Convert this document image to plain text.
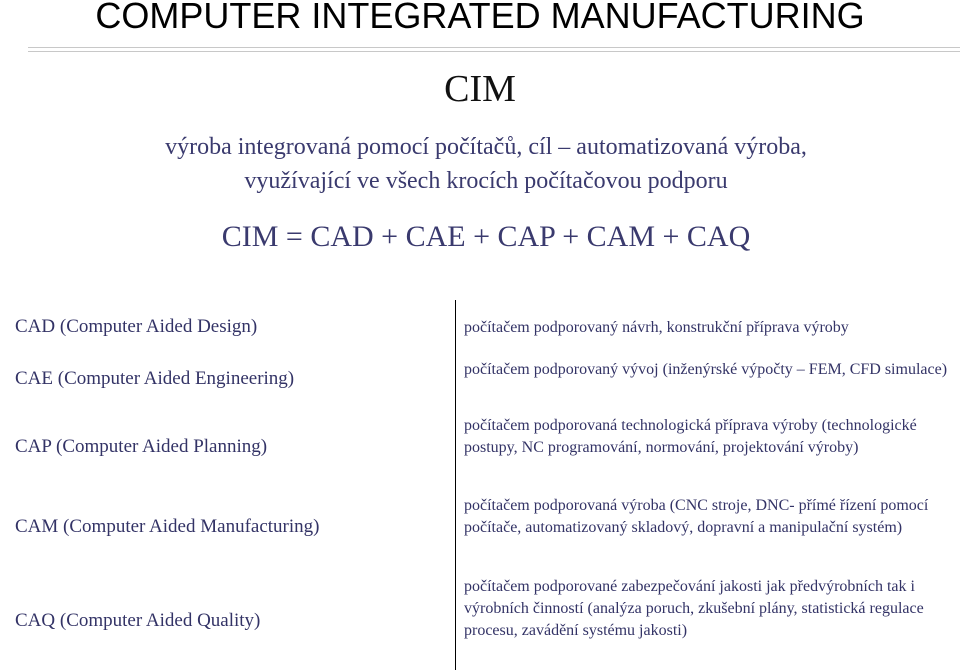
COMPUTER INTEGRATED MANUFACTURING
CIM
výroba integrovaná pomocí počítačů, cíl – automatizovaná výroba,
využívající ve všech krocích počítačovou podporu
CIM = CAD + CAE + CAP + CAM + CAQ
CAD (Computer Aided Design)
CAE (Computer Aided Engineering)
CAP (Computer Aided Planning)
CAM (Computer Aided Manufacturing)
CAQ (Computer Aided Quality)
počítačem podporovaný návrh, konstrukční příprava výroby
počítačem podporovaný vývoj (inženýrské výpočty – FEM, CFD simulace)
počítačem podporovaná technologická příprava výroby (technologické postupy, NC programování, normování, projektování výroby)
počítačem podporovaná výroba (CNC stroje, DNC- přímé řízení pomocí počítače, automatizovaný skladový, dopravní a manipulační systém)
počítačem podporované zabezpečování jakosti jak předvýrobních tak i výrobních činností (analýza poruch, zkušební plány, statistická regulace procesu, zavádění systému jakosti)
